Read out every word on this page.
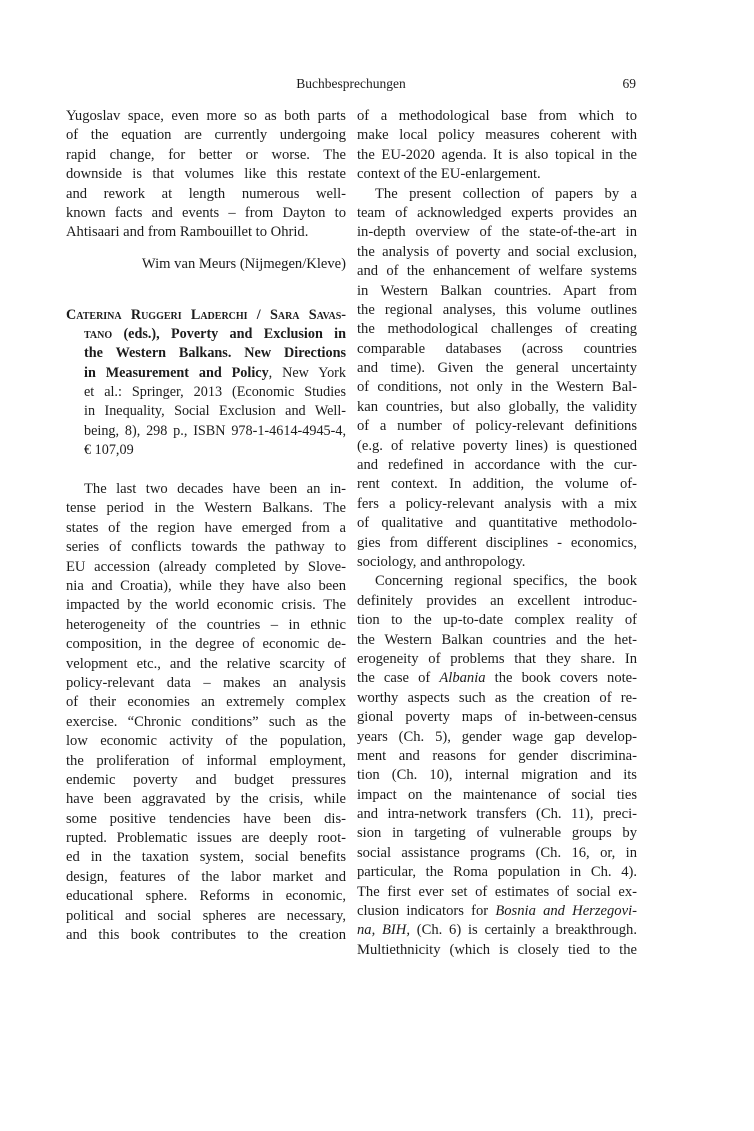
Buchbesprechungen	69
Yugoslav space, even more so as both parts
of the equation are currently undergoing
rapid change, for better or worse. The
downside is that volumes like this restate
and rework at length numerous well-
known facts and events – from Dayton to
Ahtisaari and from Rambouillet to Ohrid.
Wim van Meurs (Nijmegen/Kleve)
Caterina Ruggeri Laderchi / Sara Savas-
tano (eds.), Poverty and Exclusion in
the Western Balkans. New Directions
in Measurement and Policy, New York
et al.: Springer, 2013 (Economic Studies
in Inequality, Social Exclusion and Well-
being, 8), 298 p., ISBN 978-1-4614-4945-4,
€ 107,09
The last two decades have been an in-
tense period in the Western Balkans. The
states of the region have emerged from a
series of conflicts towards the pathway to
EU accession (already completed by Slove-
nia and Croatia), while they have also been
impacted by the world economic crisis. The
heterogeneity of the countries – in ethnic
composition, in the degree of economic de-
velopment etc., and the relative scarcity of
policy-relevant data – makes an analysis
of their economies an extremely complex
exercise. “Chronic conditions” such as the
low economic activity of the population,
the proliferation of informal employment,
endemic poverty and budget pressures
have been aggravated by the crisis, while
some positive tendencies have been dis-
rupted. Problematic issues are deeply root-
ed in the taxation system, social benefits
design, features of the labor market and
educational sphere. Reforms in economic,
political and social spheres are necessary,
and this book contributes to the creation
of a methodological base from which to
make local policy measures coherent with
the EU-2020 agenda. It is also topical in the
context of the EU-enlargement.
The present collection of papers by a
team of acknowledged experts provides an
in-depth overview of the state-of-the-art in
the analysis of poverty and social exclusion,
and of the enhancement of welfare systems
in Western Balkan countries. Apart from
the regional analyses, this volume outlines
the methodological challenges of creating
comparable databases (across countries
and time). Given the general uncertainty
of conditions, not only in the Western Bal-
kan countries, but also globally, the validity
of a number of policy-relevant definitions
(e.g. of relative poverty lines) is questioned
and redefined in accordance with the cur-
rent context. In addition, the volume of-
fers a policy-relevant analysis with a mix
of qualitative and quantitative methodolo-
gies from different disciplines - economics,
sociology, and anthropology.
Concerning regional specifics, the book
definitely provides an excellent introduc-
tion to the up-to-date complex reality of
the Western Balkan countries and the het-
erogeneity of problems that they share. In
the case of Albania the book covers note-
worthy aspects such as the creation of re-
gional poverty maps of in-between-census
years (Ch. 5), gender wage gap develop-
ment and reasons for gender discrimina-
tion (Ch. 10), internal migration and its
impact on the maintenance of social ties
and intra-network transfers (Ch. 11), preci-
sion in targeting of vulnerable groups by
social assistance programs (Ch. 16, or, in
particular, the Roma population in Ch. 4).
The first ever set of estimates of social ex-
clusion indicators for Bosnia and Herzegovi-
na, BIH, (Ch. 6) is certainly a breakthrough.
Multiethnicity (which is closely tied to the
